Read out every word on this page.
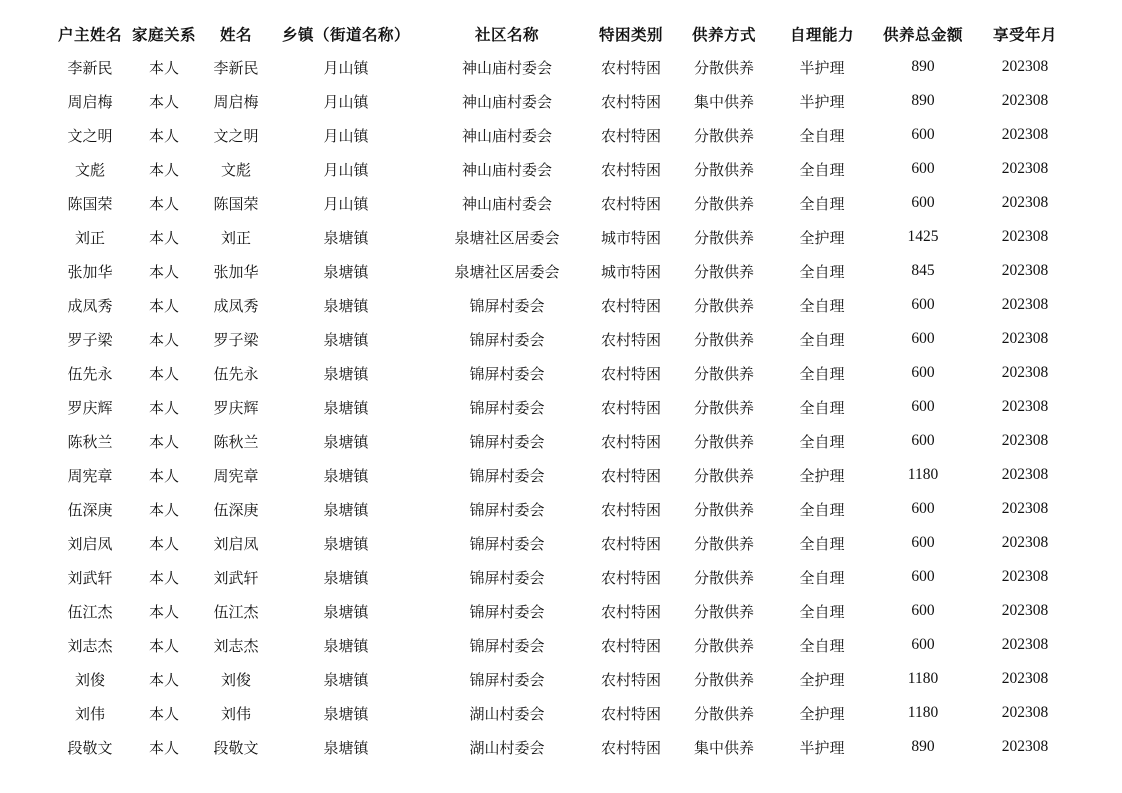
户主姓名	家庭关系	姓名	乡镇（街道名称）	社区名称	特困类别	供养方式	自理能力	供养总金额	享受年月
李新民	本人	李新民	月山镇	神山庙村委会	农村特困	分散供养	半护理	890	202308
周启梅	本人	周启梅	月山镇	神山庙村委会	农村特困	集中供养	半护理	890	202308
文之明	本人	文之明	月山镇	神山庙村委会	农村特困	分散供养	全自理	600	202308
文彪	本人	文彪	月山镇	神山庙村委会	农村特困	分散供养	全自理	600	202308
陈国荣	本人	陈国荣	月山镇	神山庙村委会	农村特困	分散供养	全自理	600	202308
刘正	本人	刘正	泉塘镇	泉塘社区居委会	城市特困	分散供养	全护理	1425	202308
张加华	本人	张加华	泉塘镇	泉塘社区居委会	城市特困	分散供养	全自理	845	202308
成凤秀	本人	成凤秀	泉塘镇	锦屏村委会	农村特困	分散供养	全自理	600	202308
罗子梁	本人	罗子梁	泉塘镇	锦屏村委会	农村特困	分散供养	全自理	600	202308
伍先永	本人	伍先永	泉塘镇	锦屏村委会	农村特困	分散供养	全自理	600	202308
罗庆辉	本人	罗庆辉	泉塘镇	锦屏村委会	农村特困	分散供养	全自理	600	202308
陈秋兰	本人	陈秋兰	泉塘镇	锦屏村委会	农村特困	分散供养	全自理	600	202308
周宪章	本人	周宪章	泉塘镇	锦屏村委会	农村特困	分散供养	全护理	1180	202308
伍深庚	本人	伍深庚	泉塘镇	锦屏村委会	农村特困	分散供养	全自理	600	202308
刘启凤	本人	刘启凤	泉塘镇	锦屏村委会	农村特困	分散供养	全自理	600	202308
刘武轩	本人	刘武轩	泉塘镇	锦屏村委会	农村特困	分散供养	全自理	600	202308
伍江杰	本人	伍江杰	泉塘镇	锦屏村委会	农村特困	分散供养	全自理	600	202308
刘志杰	本人	刘志杰	泉塘镇	锦屏村委会	农村特困	分散供养	全自理	600	202308
刘俊	本人	刘俊	泉塘镇	锦屏村委会	农村特困	分散供养	全护理	1180	202308
刘伟	本人	刘伟	泉塘镇	湖山村委会	农村特困	分散供养	全护理	1180	202308
段敬文	本人	段敬文	泉塘镇	湖山村委会	农村特困	集中供养	半护理	890	202308
